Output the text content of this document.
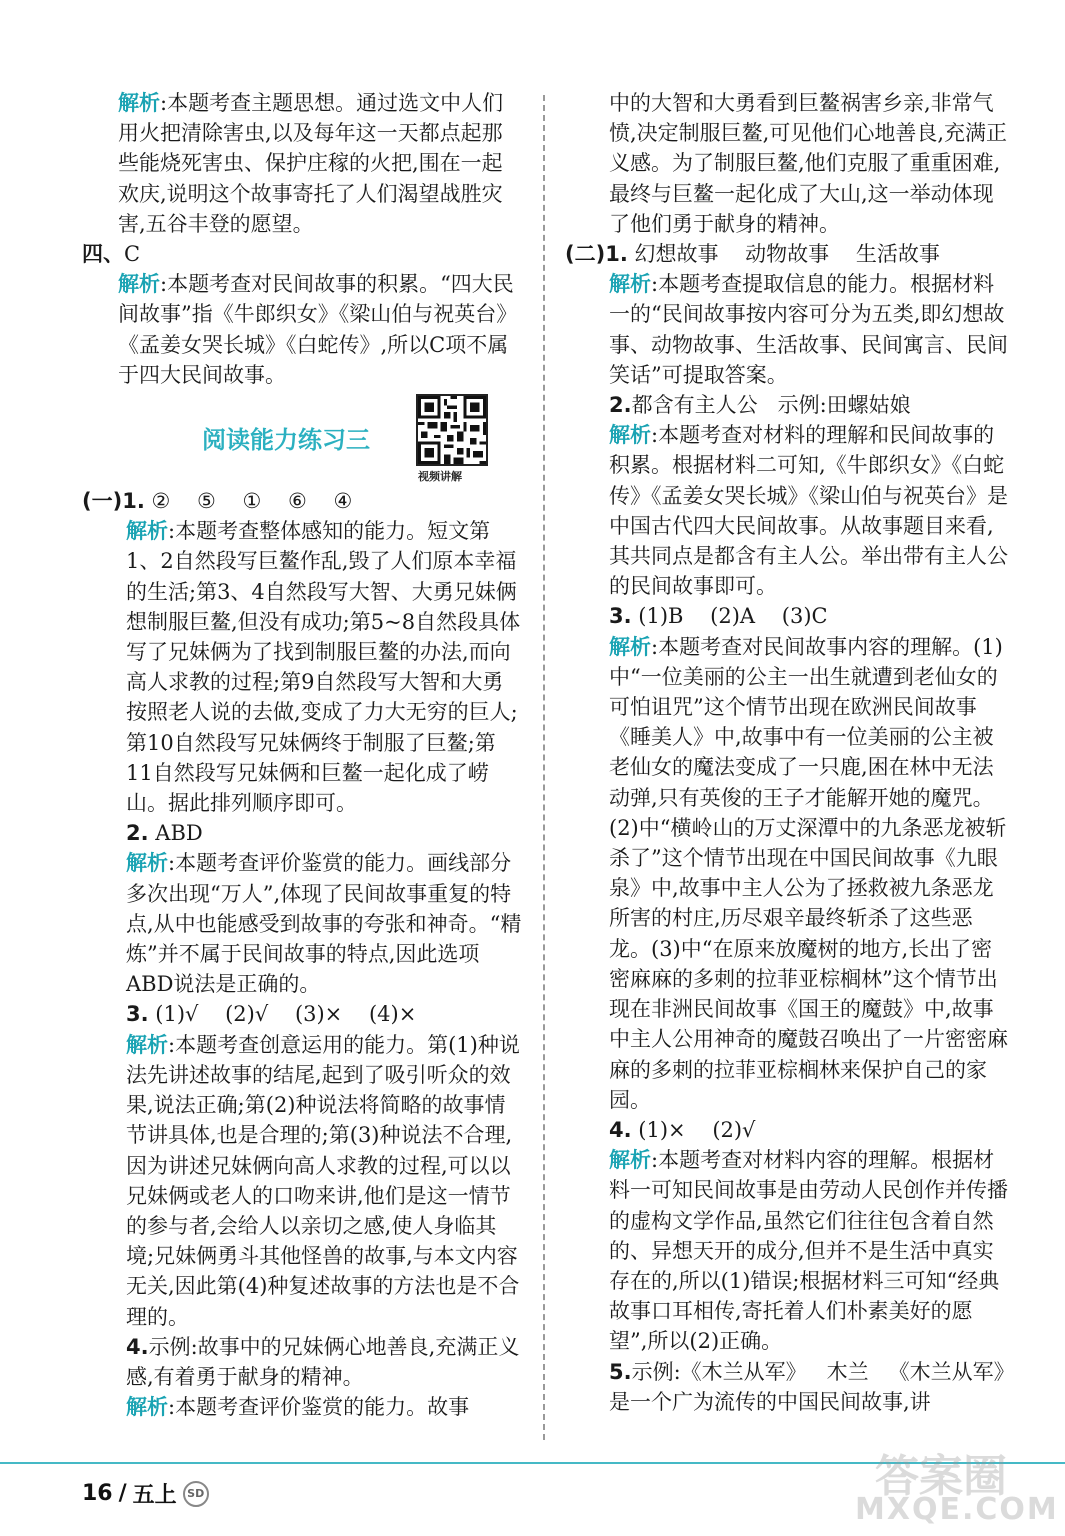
解析:本题考查主题思想。通过选文中人们用火把清除害虫,以及每年这一天都点起那些能烧死害虫、保护庄稼的火把,围在一起欢庆,说明这个故事寄托了人们渴望战胜灾害,五谷丰登的愿望。

四、C

解析:本题考查对民间故事的积累。“四大民间故事”指《牛郎织女》《梁山伯与祝英台》《孟姜女哭长城》《白蛇传》,所以C项不属于四大民间故事。

阅读能力练习三
视频讲解

(一)1. ② ⑤ ① ⑥ ④

解析:本题考查整体感知的能力。短文第1、2自然段写巨鳌作乱,毁了人们原本幸福的生活;第3、4自然段写大智、大勇兄妹俩想制服巨鳌,但没有成功;第5~8自然段具体写了兄妹俩为了找到制服巨鳌的办法,而向高人求教的过程;第9自然段写大智和大勇按照老人说的去做,变成了力大无穷的巨人;第10自然段写兄妹俩终于制服了巨鳌;第11自然段写兄妹俩和巨鳌一起化成了崂山。据此排列顺序即可。

2. ABD

解析:本题考查评价鉴赏的能力。画线部分多次出现“万人”,体现了民间故事重复的特点,从中也能感受到故事的夸张和神奇。“精炼”并不属于民间故事的特点,因此选项ABD说法是正确的。

3. (1)√ (2)√ (3)× (4)×

解析:本题考查创意运用的能力。第(1)种说法先讲述故事的结尾,起到了吸引听众的效果,说法正确;第(2)种说法将简略的故事情节讲具体,也是合理的;第(3)种说法不合理,因为讲述兄妹俩向高人求教的过程,可以以兄妹俩或老人的口吻来讲,他们是这一情节的参与者,会给人以亲切之感,使人身临其境;兄妹俩勇斗其他怪兽的故事,与本文内容无关,因此第(4)种复述故事的方法也是不合理的。

4.示例:故事中的兄妹俩心地善良,充满正义感,有着勇于献身的精神。

解析:本题考查评价鉴赏的能力。故事

中的大智和大勇看到巨鳌祸害乡亲,非常气愤,决定制服巨鳌,可见他们心地善良,充满正义感。为了制服巨鳌,他们克服了重重困难,最终与巨鳌一起化成了大山,这一举动体现了他们勇于献身的精神。

(二)1. 幻想故事 动物故事 生活故事

解析:本题考查提取信息的能力。根据材料一的“民间故事按内容可分为五类,即幻想故事、动物故事、生活故事、民间寓言、民间笑话”可提取答案。

2.都含有主人公 示例:田螺姑娘

解析:本题考查对材料的理解和民间故事的积累。根据材料二可知,《牛郎织女》《白蛇传》《孟姜女哭长城》《梁山伯与祝英台》是中国古代四大民间故事。从故事题目来看,其共同点是都含有主人公。举出带有主人公的民间故事即可。

3. (1)B (2)A (3)C

解析:本题考查对民间故事内容的理解。(1)中“一位美丽的公主一出生就遭到老仙女的可怕诅咒”这个情节出现在欧洲民间故事《睡美人》中,故事中有一位美丽的公主被老仙女的魔法变成了一只鹿,困在林中无法动弹,只有英俊的王子才能解开她的魔咒。(2)中“横岭山的万丈深潭中的九条恶龙被斩杀了”这个情节出现在中国民间故事《九眼泉》中,故事中主人公为了拯救被九条恶龙所害的村庄,历尽艰辛最终斩杀了这些恶龙。(3)中“在原来放魔树的地方,长出了密密麻麻的多刺的拉菲亚棕榈林”这个情节出现在非洲民间故事《国王的魔鼓》中,故事中主人公用神奇的魔鼓召唤出了一片密密麻麻的多刺的拉菲亚棕榈林来保护自己的家园。

4. (1)× (2)√

解析:本题考查对材料内容的理解。根据材料一可知民间故事是由劳动人民创作并传播的虚构文学作品,虽然它们往往包含着自然的、异想天开的成分,但并不是生活中真实存在的,所以(1)错误;根据材料三可知“经典故事口耳相传,寄托着人们朴素美好的愿望”,所以(2)正确。

5.示例:《木兰从军》 木兰 《木兰从军》是一个广为流传的中国民间故事,讲

16 / 五上 SD	答案圈
MXQE.COM
